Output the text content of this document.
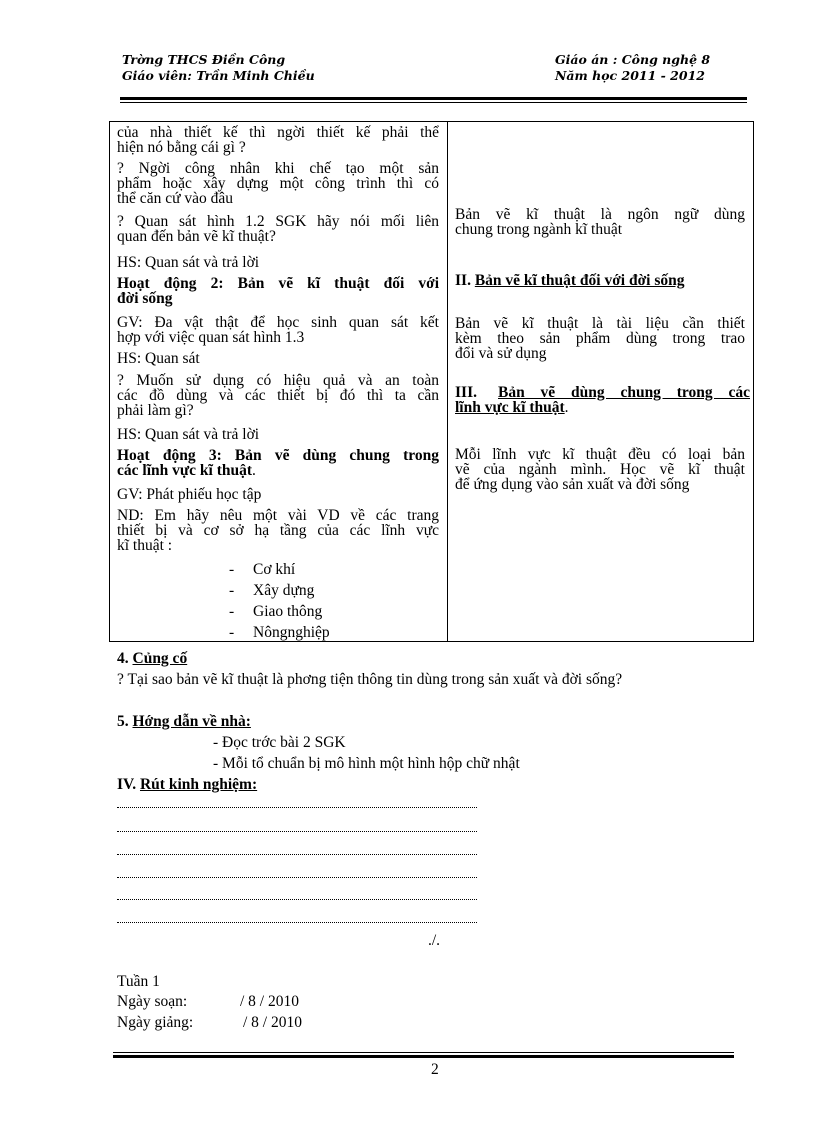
Trờng THCS Điền Công
Giáo viên: Trần Minh Chiều
Giáo án : Công nghệ 8
Năm học 2011 - 2012
của nhà thiết kế thì ngời thiết kế phải thể
hiện nó bằng cái gì ?
? Ngời công nhân khi chế tạo một sản
phẩm hoặc xây dựng một công trình thì có
thể căn cứ vào đâu
? Quan sát hình 1.2 SGK hãy nói mối liên
quan đến bản vẽ kĩ thuật?
HS: Quan sát và trả lời
Hoạt động 2: Bản vẽ kĩ thuật đối với
đời sống
GV: Đa vật thật để học sinh quan sát kết
hợp với việc quan sát hình 1.3
HS: Quan sát
? Muốn sử dụng có hiệu quả và an toàn
các đồ dùng và các thiết bị đó thì ta cần
phải làm gì?
HS: Quan sát và trả lời
Hoạt động 3: Bản vẽ dùng chung trong
các lĩnh vực kĩ thuật.
GV: Phát phiếu học tập
ND: Em hãy nêu một vài VD về các trang
thiết bị và cơ sở hạ tầng của các lĩnh vực
kĩ thuật :
- Cơ khí
- Xây dựng
- Giao thông
- Nôngnghiệp
Bản vẽ kĩ thuật là ngôn ngữ dùng
chung trong ngành kĩ thuật
II. Bản vẽ kĩ thuật đối với đời sống
Bản vẽ kĩ thuật là tài liệu cần thiết
kèm theo sản phẩm dùng trong trao
đổi và sử dụng
III. Bản vẽ dùng chung trong các
lĩnh vực kĩ thuật.
Mỗi lĩnh vực kĩ thuật đều có loại bản
vẽ của ngành mình. Học vẽ kĩ thuật
để ứng dụng vào sản xuất và đời sống
4. Củng cố
? Tại sao bản vẽ kĩ thuật là phơng tiện thông tin dùng trong sản xuất và đời sống?
5. Hớng dẫn về nhà:
- Đọc trớc bài 2 SGK
- Mỗi tổ chuẩn bị mô hình một hình hộp chữ nhật
IV. Rút kinh nghiệm:
./.
Tuần 1
Ngày soạn:	/ 8 / 2010
Ngày giảng:	/ 8 / 2010
2
